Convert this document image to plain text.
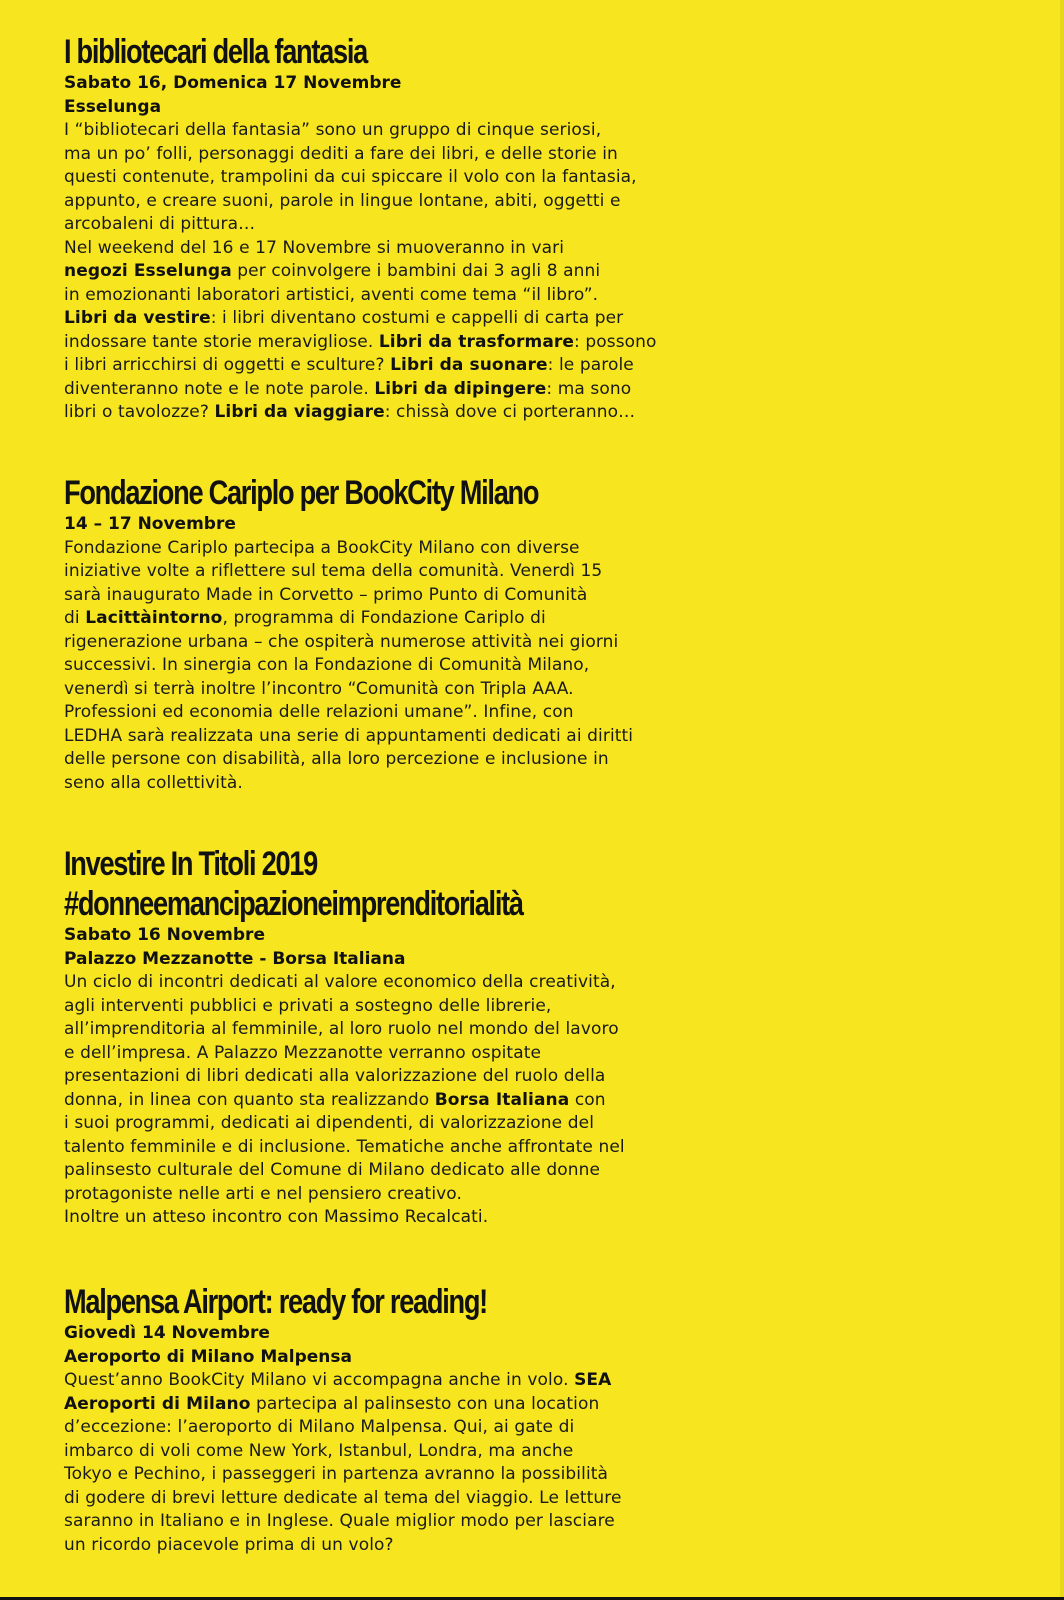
I bibliotecari della fantasia

Sabato 16, Domenica 17 Novembre

Esselunga

I “bibliotecari della fantasia” sono un gruppo di cinque seriosi,
ma un po’ folli, personaggi dediti a fare dei libri, e delle storie in
questi contenute, trampolini da cui spiccare il volo con la fantasia,
appunto, e creare suoni, parole in lingue lontane, abiti, oggetti e
arcobaleni di pittura…
Nel weekend del 16 e 17 Novembre si muoveranno in vari
negozi Esselunga per coinvolgere i bambini dai 3 agli 8 anni
in emozionanti laboratori artistici, aventi come tema “il libro”.
Libri da vestire: i libri diventano costumi e cappelli di carta per
indossare tante storie meravigliose. Libri da trasformare: possono
i libri arricchirsi di oggetti e sculture? Libri da suonare: le parole
diventeranno note e le note parole. Libri da dipingere: ma sono
libri o tavolozze? Libri da viaggiare: chissà dove ci porteranno…
Fondazione Cariplo per BookCity Milano

14 – 17 Novembre

Fondazione Cariplo partecipa a BookCity Milano con diverse
iniziative volte a riflettere sul tema della comunità. Venerdì 15
sarà inaugurato Made in Corvetto – primo Punto di Comunità
di Lacittàintorno, programma di Fondazione Cariplo di
rigenerazione urbana – che ospiterà numerose attività nei giorni
successivi. In sinergia con la Fondazione di Comunità Milano,
venerdì si terrà inoltre l’incontro “Comunità con Tripla AAA.
Professioni ed economia delle relazioni umane”. Infine, con
LEDHA sarà realizzata una serie di appuntamenti dedicati ai diritti
delle persone con disabilità, alla loro percezione e inclusione in
seno alla collettività.
Investire In Titoli 2019
#donneemancipazioneimprenditorialità

Sabato 16 Novembre

Palazzo Mezzanotte - Borsa Italiana

Un ciclo di incontri dedicati al valore economico della creatività,
agli interventi pubblici e privati a sostegno delle librerie,
all’imprenditoria al femminile, al loro ruolo nel mondo del lavoro
e dell’impresa. A Palazzo Mezzanotte verranno ospitate
presentazioni di libri dedicati alla valorizzazione del ruolo della
donna, in linea con quanto sta realizzando Borsa Italiana con
i suoi programmi, dedicati ai dipendenti, di valorizzazione del
talento femminile e di inclusione. Tematiche anche affrontate nel
palinsesto culturale del Comune di Milano dedicato alle donne
protagoniste nelle arti e nel pensiero creativo.
Inoltre un atteso incontro con Massimo Recalcati.
Malpensa Airport: ready for reading!

Giovedì 14 Novembre

Aeroporto di Milano Malpensa

Quest’anno BookCity Milano vi accompagna anche in volo. SEA
Aeroporti di Milano partecipa al palinsesto con una location
d’eccezione: l’aeroporto di Milano Malpensa. Qui, ai gate di
imbarco di voli come New York, Istanbul, Londra, ma anche
Tokyo e Pechino, i passeggeri in partenza avranno la possibilità
di godere di brevi letture dedicate al tema del viaggio. Le letture
saranno in Italiano e in Inglese. Quale miglior modo per lasciare
un ricordo piacevole prima di un volo?
